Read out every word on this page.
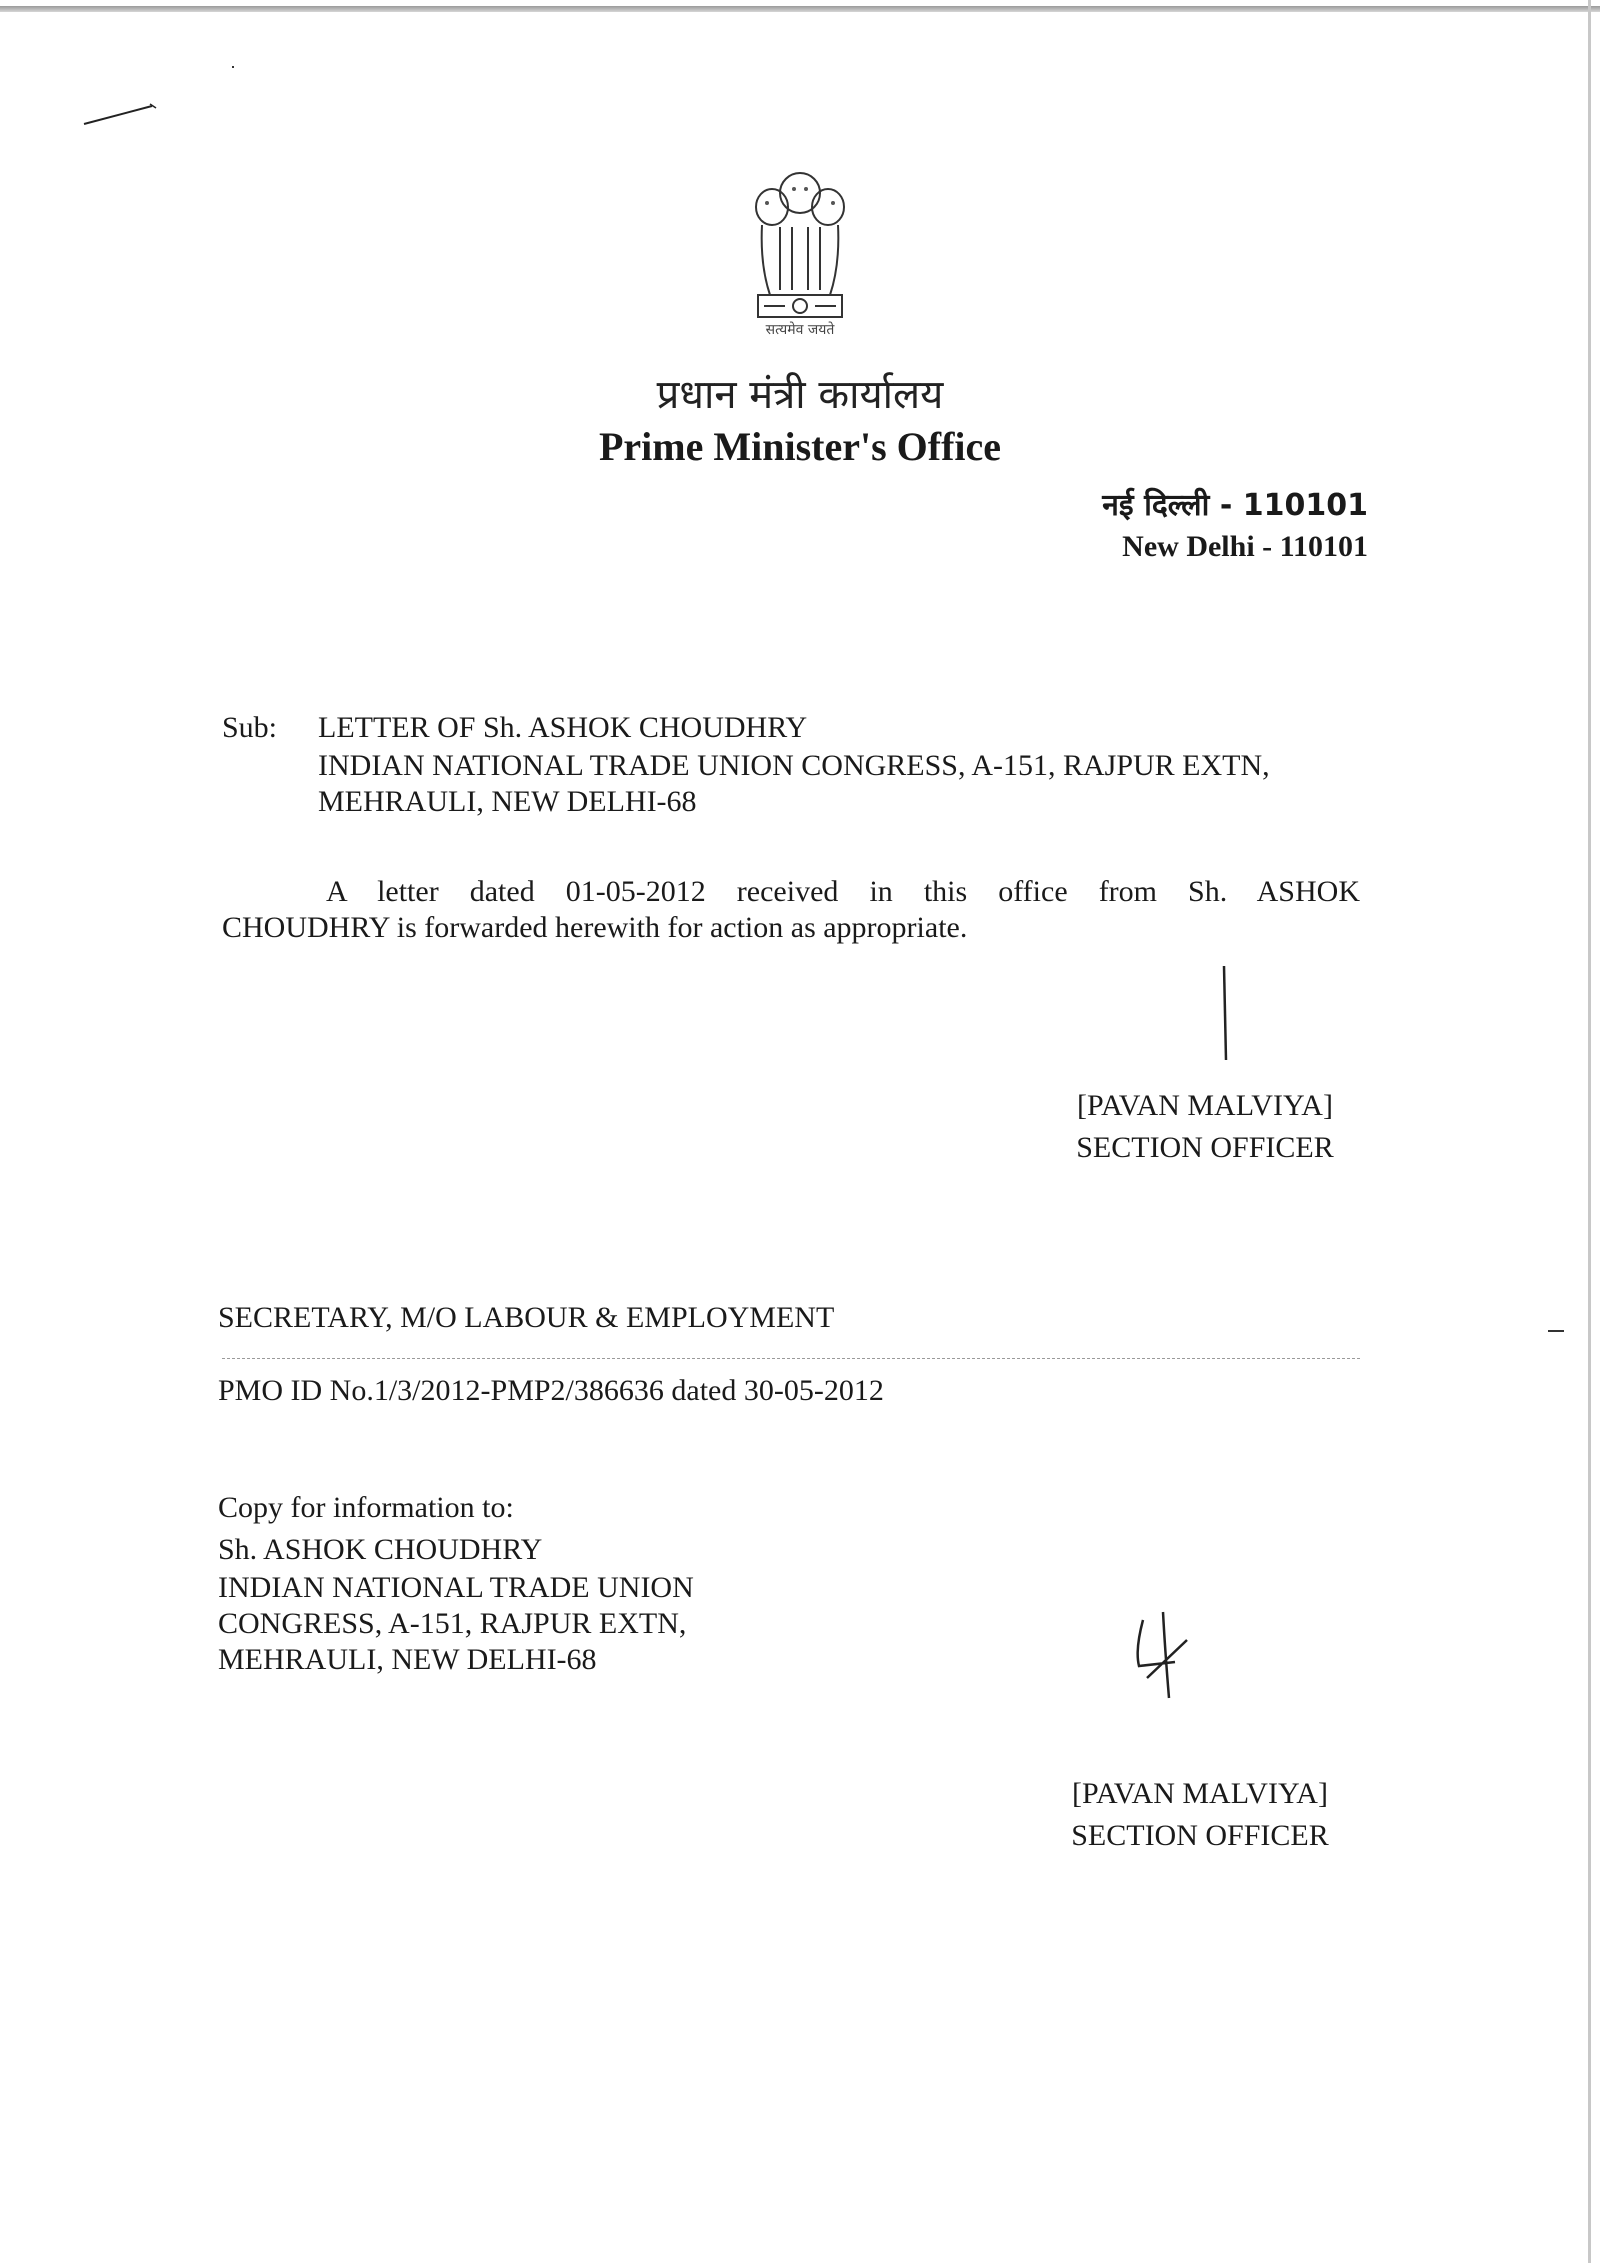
सत्यमेव जयते
प्रधान मंत्री कार्यालय
Prime Minister's Office
नई दिल्ली - 110101
New Delhi - 110101
Sub: LETTER OF Sh. ASHOK CHOUDHRY
INDIAN NATIONAL TRADE UNION CONGRESS, A-151, RAJPUR EXTN,
MEHRAULI, NEW DELHI-68
A letter dated 01-05-2012 received in this office from Sh. ASHOK
CHOUDHRY is forwarded herewith for action as appropriate.
[PAVAN MALVIYA]
SECTION OFFICER
SECRETARY, M/O LABOUR & EMPLOYMENT
PMO ID No.1/3/2012-PMP2/386636 dated 30-05-2012
Copy for information to:
Sh. ASHOK CHOUDHRY
INDIAN NATIONAL TRADE UNION
CONGRESS, A-151, RAJPUR EXTN,
MEHRAULI, NEW DELHI-68
[PAVAN MALVIYA]
SECTION OFFICER
